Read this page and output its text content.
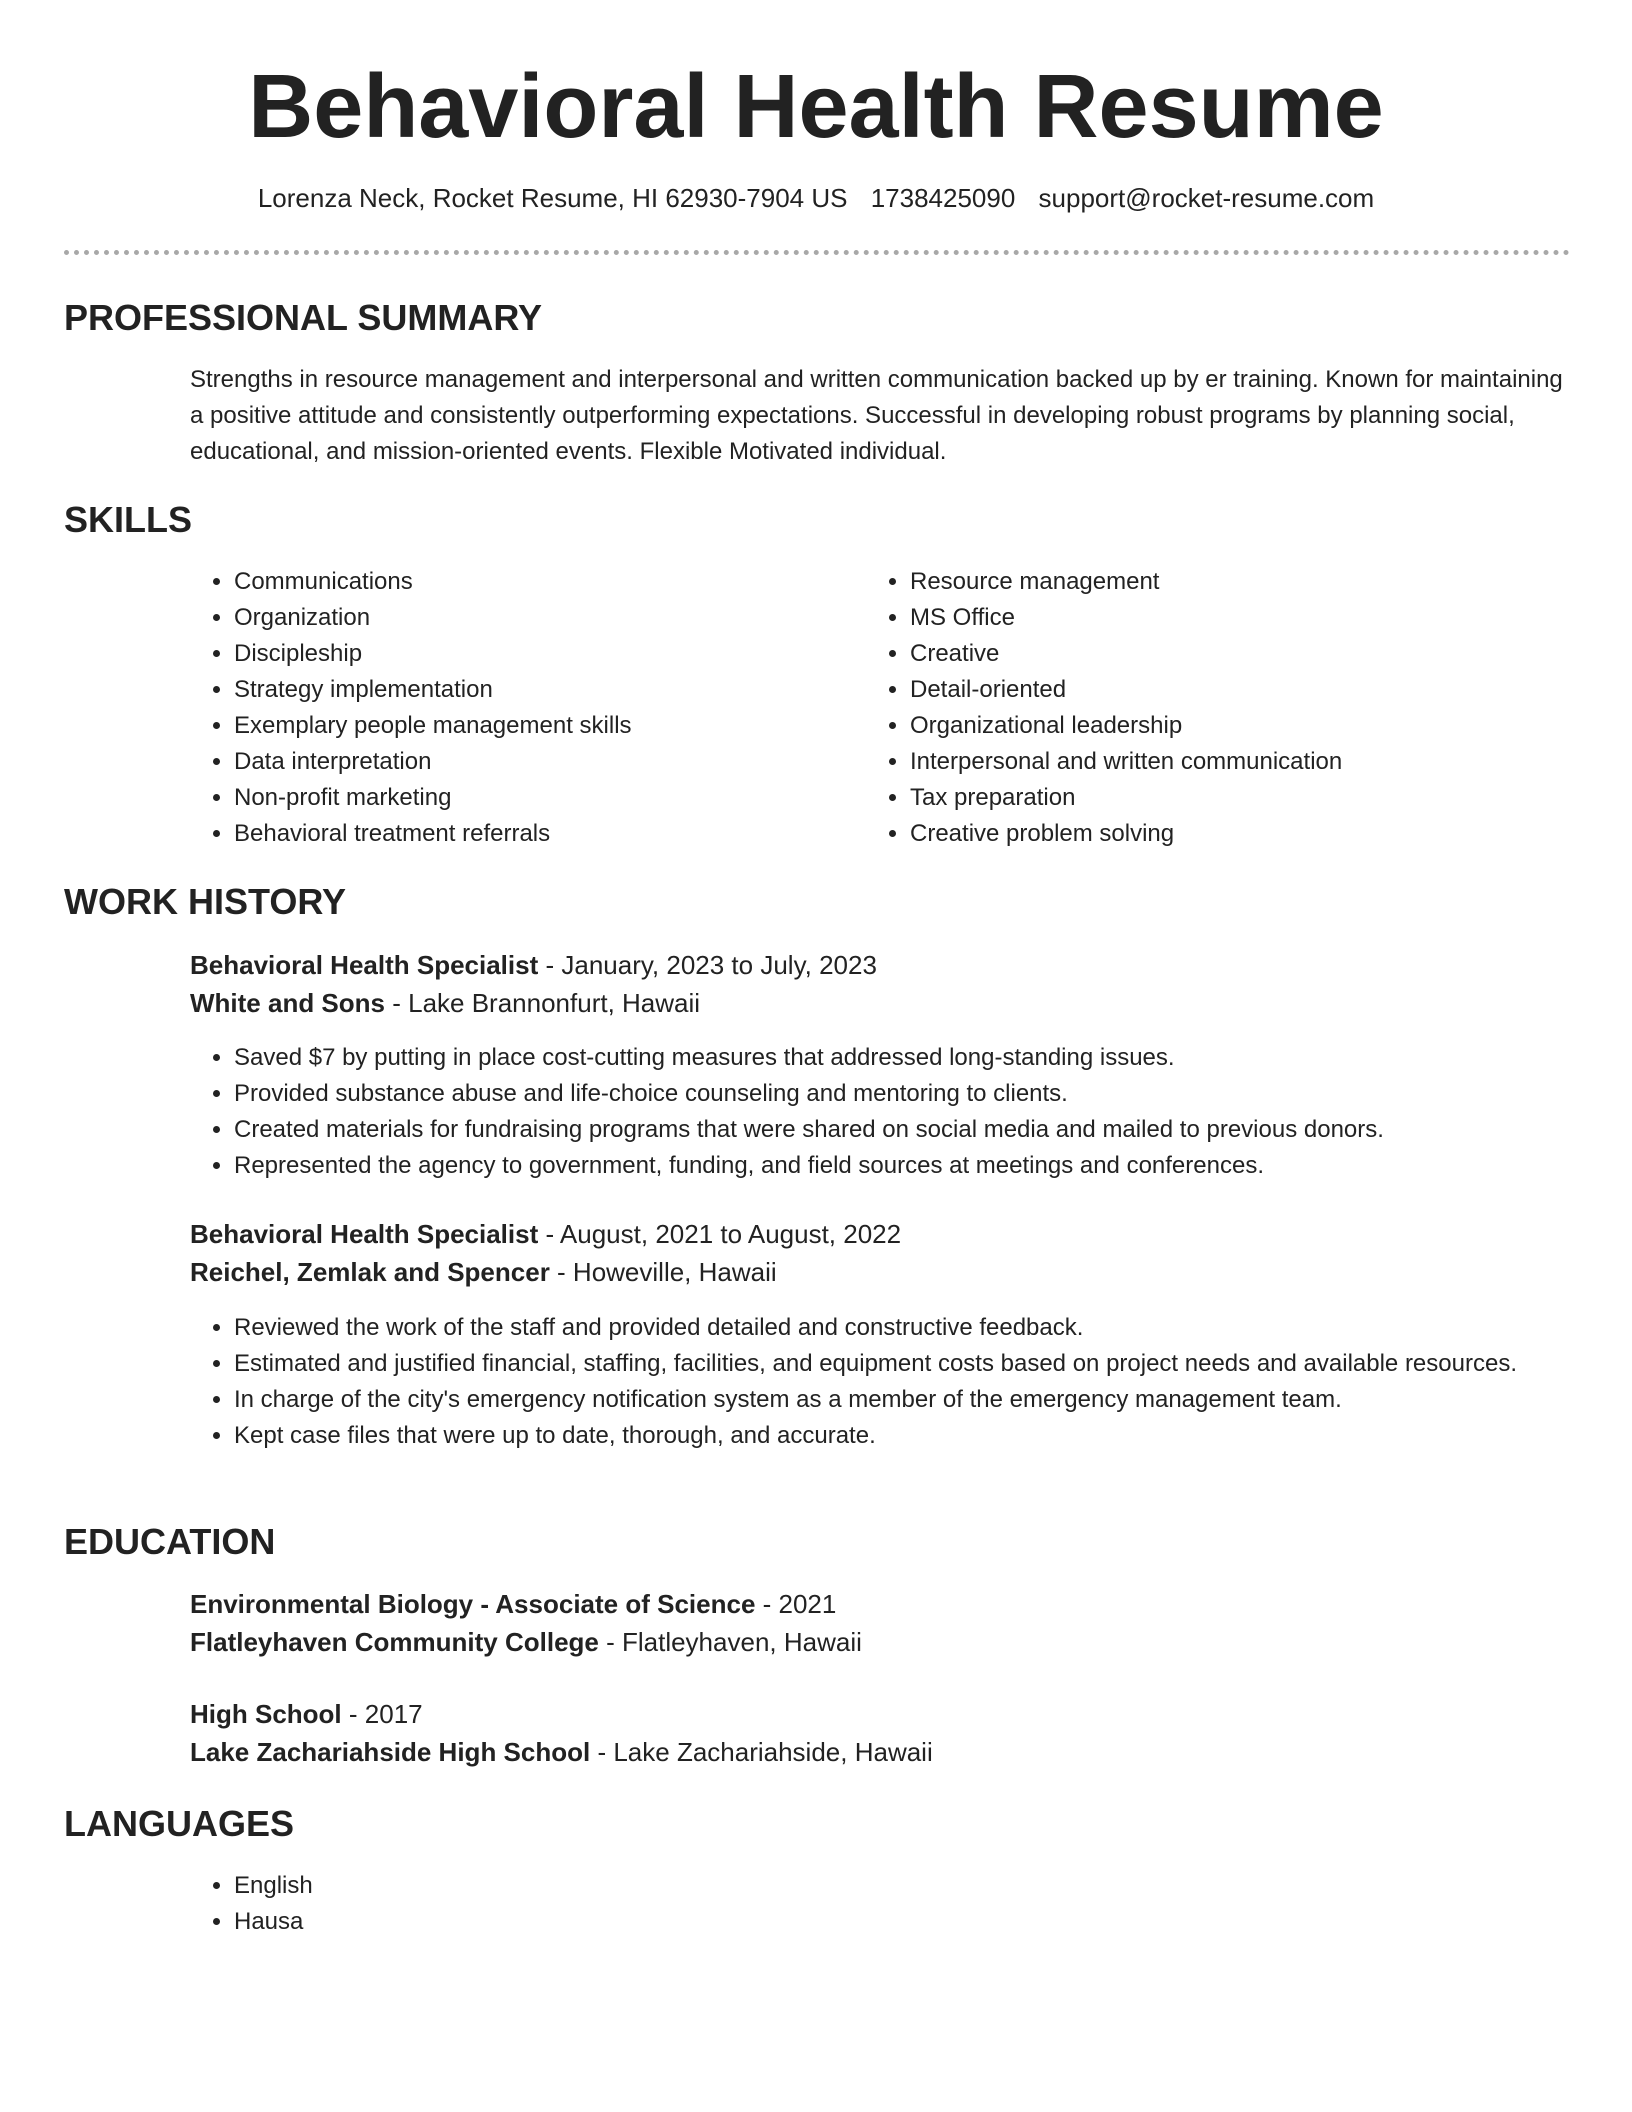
Behavioral Health Resume
Lorenza Neck, Rocket Resume, HI 62930-7904 US 1738425090 support@rocket-resume.com
PROFESSIONAL SUMMARY

Strengths in resource management and interpersonal and written communication backed up by er training. Known for maintaining a positive attitude and consistently outperforming expectations. Successful in developing robust programs by planning social, educational, and mission-oriented events. Flexible Motivated individual.

SKILLS
• Communications
• Organization
• Discipleship
• Strategy implementation
• Exemplary people management skills
• Data interpretation
• Non-profit marketing
• Behavioral treatment referrals
• Resource management
• MS Office
• Creative
• Detail-oriented
• Organizational leadership
• Interpersonal and written communication
• Tax preparation
• Creative problem solving
WORK HISTORY
Behavioral Health Specialist - January, 2023 to July, 2023
White and Sons - Lake Brannonfurt, Hawaii
• Saved $7 by putting in place cost-cutting measures that addressed long-standing issues.
• Provided substance abuse and life-choice counseling and mentoring to clients.
• Created materials for fundraising programs that were shared on social media and mailed to previous donors.
• Represented the agency to government, funding, and field sources at meetings and conferences.
Behavioral Health Specialist - August, 2021 to August, 2022
Reichel, Zemlak and Spencer - Howeville, Hawaii
• Reviewed the work of the staff and provided detailed and constructive feedback.
• Estimated and justified financial, staffing, facilities, and equipment costs based on project needs and available resources.
• In charge of the city's emergency notification system as a member of the emergency management team.
• Kept case files that were up to date, thorough, and accurate.
EDUCATION
Environmental Biology - Associate of Science - 2021
Flatleyhaven Community College - Flatleyhaven, Hawaii
High School - 2017
Lake Zachariahside High School - Lake Zachariahside, Hawaii
LANGUAGES
• English
• Hausa
